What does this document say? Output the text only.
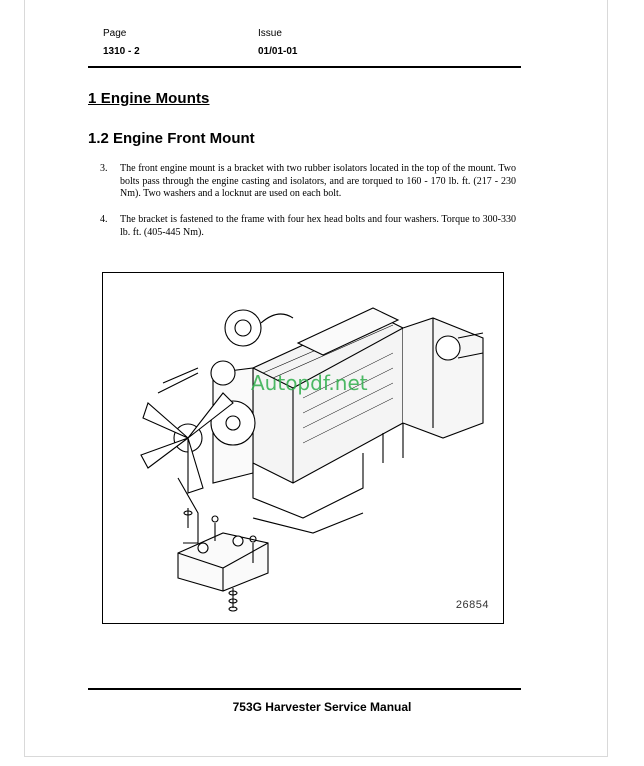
Page
1310 - 2
Issue
01/01-01
1 Engine Mounts
1.2 Engine Front Mount
3. The front engine mount is a bracket with two rubber isolators located in the top of the mount. Two bolts pass through the engine casting and isolators, and are torqued to 160 - 170 lb. ft. (217 - 230 Nm). Two washers and a locknut are used on each bolt.
4. The bracket is fastened to the frame with four hex head bolts and four washers. Torque to 300-330 lb. ft. (405-445 Nm).
Autopdf.net
26854
753G Harvester Service Manual
